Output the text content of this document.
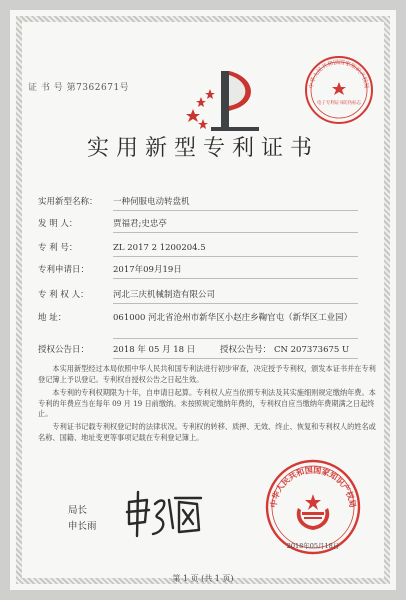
证 书 号 第7362671号	中华人民共和国国家知识产权局
电子专利证书防伪标志
实用新型专利证书
实用新型名称：	一种伺服电动转盘机
发 明 人：	贾福君;史忠亭
专 利 号：	ZL 2017 2 1200204.5
专利申请日：	2017年09月19日
专 利 权 人：	河北三庆机械制造有限公司
地 址：	061000 河北省沧州市新华区小赵庄乡鞠官屯（新华区工业园）
授权公告日：	2018 年 05 月 18 日	授权公告号： CN 207373675 U
本实用新型经过本局依照中华人民共和国专利法进行初步审查，决定授予专利权，颁发本证书并在专利登记簿上予以登记。专利权自授权公告之日起生效。
本专利的专利权期限为十年，自申请日起算。专利权人应当依照专利法及其实施细则规定缴纳年费。本专利的年费应当在每年 09 月 19 日前缴纳。未按照规定缴纳年费的，专利权自应当缴纳年费期满之日起终止。
专利证书记载专利权登记时的法律状况。专利权的转移、质押、无效、终止、恢复和专利权人的姓名或名称、国籍、地址变更等事项记载在专利登记簿上。
局长
申长雨
中华人民共和国国家知识产权局
2018年05月18日
第 1 页 (共 1 页)
